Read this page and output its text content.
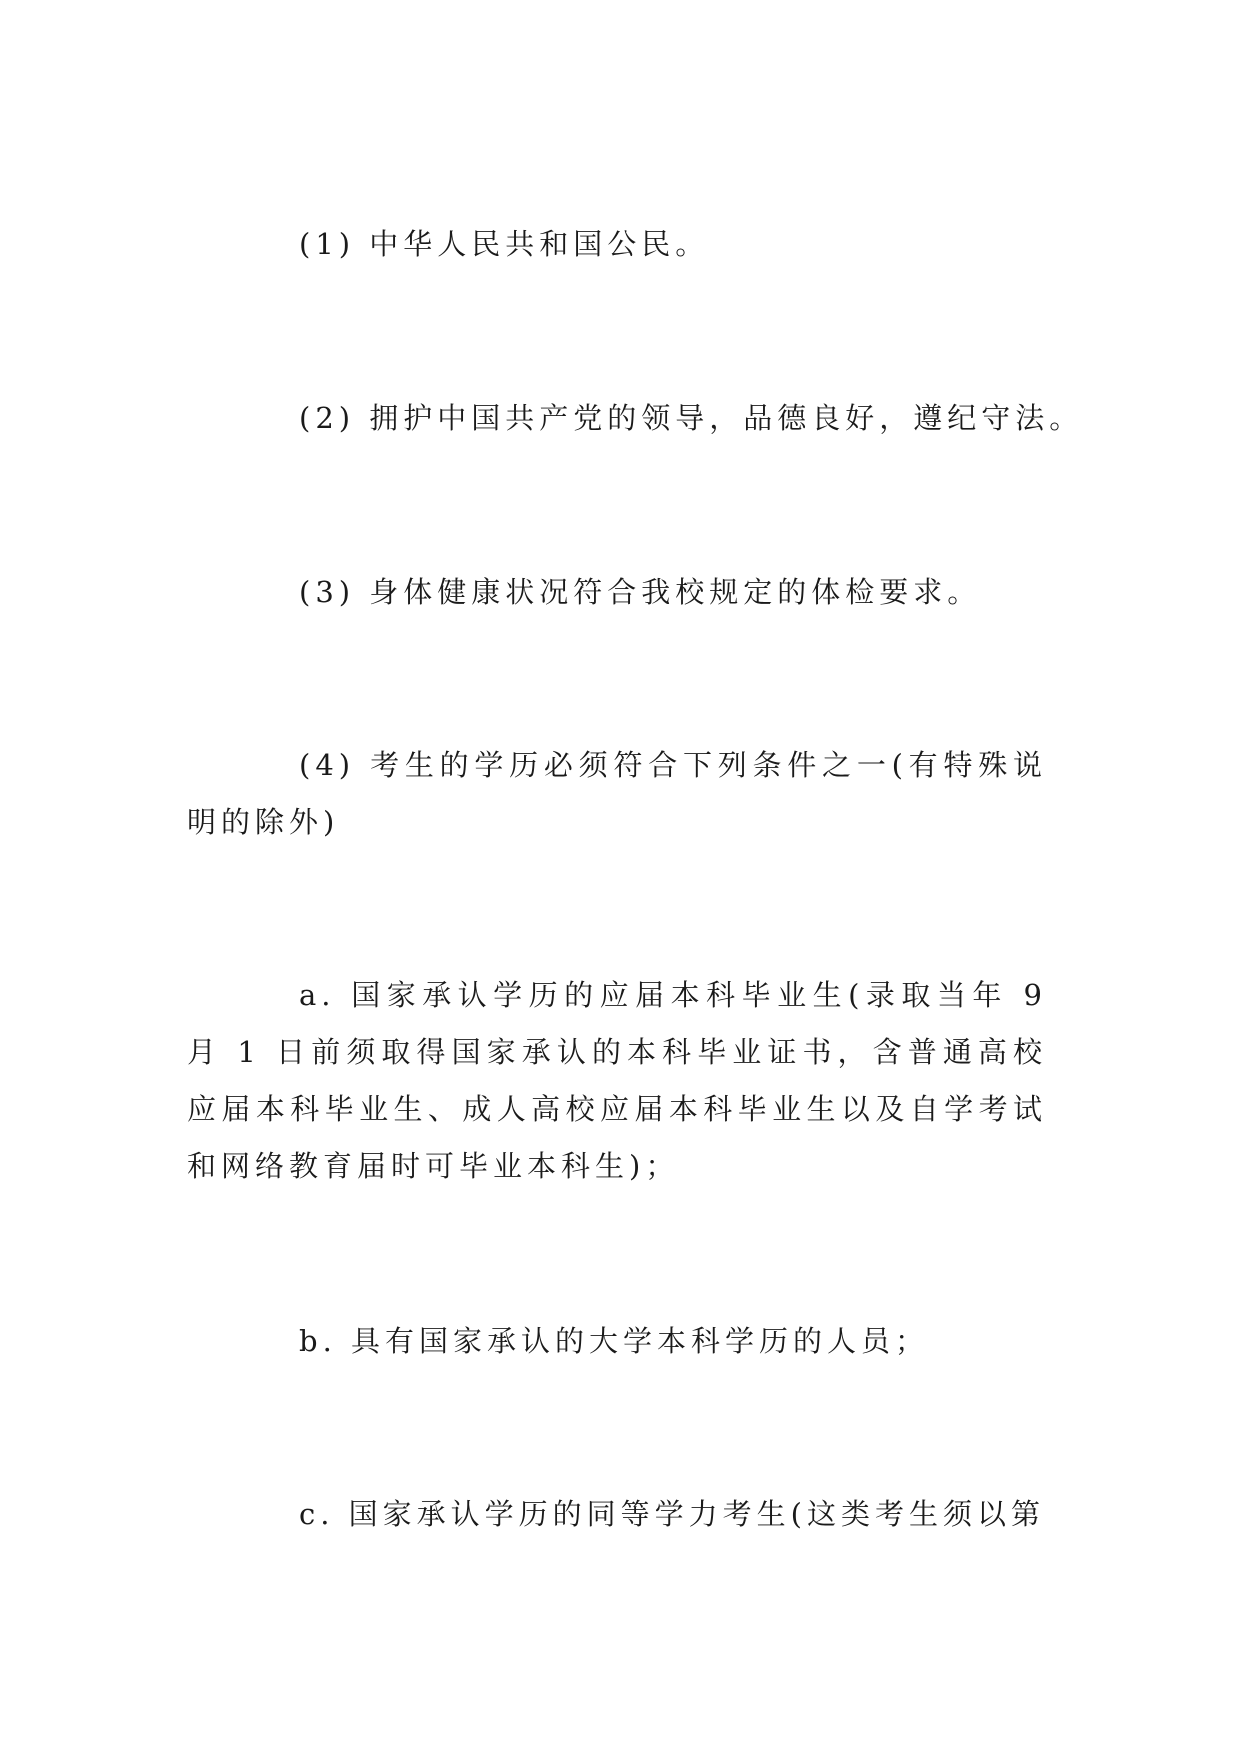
(1) 中华人民共和国公民。

(2) 拥护中国共产党的领导，品德良好，遵纪守法。

(3) 身体健康状况符合我校规定的体检要求。

(4) 考生的学历必须符合下列条件之一(有特殊说明的除外)

a. 国家承认学历的应届本科毕业生(录取当年 9 月 1 日前须取得国家承认的本科毕业证书，含普通高校应届本科毕业生、成人高校应届本科毕业生以及自学考试和网络教育届时可毕业本科生)；

b. 具有国家承认的大学本科学历的人员；

c. 国家承认学历的同等学力考生(这类考生须以第
